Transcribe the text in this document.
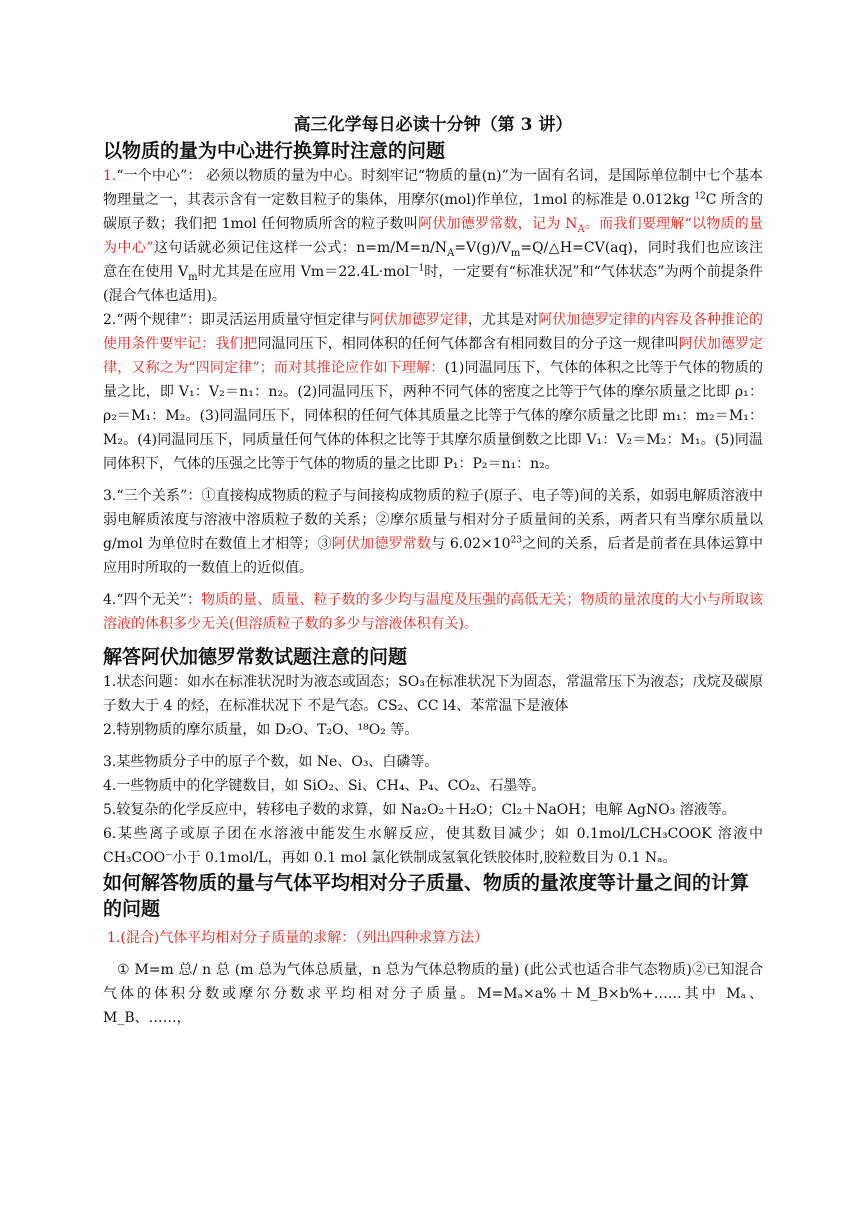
高三化学每日必读十分钟（第 3 讲）

以物质的量为中心进行换算时注意的问题

1.“一个中心”： 必须以物质的量为中心。时刻牢记“物质的量(n)”为一固有名词，是国际单位制中七个基本物理量之一，其表示含有一定数目粒子的集体，用摩尔(mol)作单位，1mol 的标准是 0.012kg $^{12}$C 所含的碳原子数；我们把 1mol 任何物质所含的粒子数叫阿伏加德罗常数，记为 $N_A$。而我们要理解“以物质的量为中心”这句话就必须记住这样一公式：$n=m/M=n/N_A=V(g)/V_m=Q/\triangle H=CV(aq)$，同时我们也应该注意在在使用 $V_m$时尤其是在应用 Vm＝22.4L·mol$^{—1}$时，一定要有“标准状况”和“气体状态”为两个前提条件(混合气体也适用)。

2.“两个规律”：即灵活运用质量守恒定律与阿伏加德罗定律，尤其是对阿伏加德罗定律的内容及各种推论的使用条件要牢记：我们把同温同压下，相同体积的任何气体都含有相同数目的分子这一规律叫阿伏加德罗定律，又称之为“四同定律”；而对其推论应作如下理解：(1)同温同压下，气体的体积之比等于气体的物质的量之比，即 V₁：V₂＝n₁：n₂。(2)同温同压下，两种不同气体的密度之比等于气体的摩尔质量之比即 ρ₁：ρ₂＝M₁：M₂。(3)同温同压下，同体积的任何气体其质量之比等于气体的摩尔质量之比即 m₁：m₂＝M₁：M₂。(4)同温同压下，同质量任何气体的体积之比等于其摩尔质量倒数之比即 V₁：V₂＝M₂：M₁。(5)同温同体积下，气体的压强之比等于气体的物质的量之比即 P₁：P₂＝n₁：n₂。

3.“三个关系”：①直接构成物质的粒子与间接构成物质的粒子(原子、电子等)间的关系，如弱电解质溶液中弱电解质浓度与溶液中溶质粒子数的关系；②摩尔质量与相对分子质量间的关系，两者只有当摩尔质量以 g/mol 为单位时在数值上才相等；③阿伏加德罗常数与 $6.02\times 10^{23}$之间的关系，后者是前者在具体运算中应用时所取的一数值上的近似值。

4.“四个无关”：物质的量、质量、粒子数的多少均与温度及压强的高低无关；物质的量浓度的大小与所取该溶液的体积多少无关(但溶质粒子数的多少与溶液体积有关)。

解答阿伏加德罗常数试题注意的问题

1.状态问题：如水在标准状况时为液态或固态；SO₃在标准状况下为固态，常温常压下为液态；戊烷及碳原子数大于 4 的烃，在标准状况下 不是气态。CS₂、CC l4、苯常温下是液体

2.特别物质的摩尔质量，如 D₂O、T₂O、¹⁸O₂ 等。

3.某些物质分子中的原子个数，如 Ne、O₃、白磷等。

4.一些物质中的化学键数目，如 SiO₂、Si、CH₄、P₄、CO₂、石墨等。

5.较复杂的化学反应中，转移电子数的求算，如 Na₂O₂＋H₂O；Cl₂＋NaOH；电解 AgNO₃ 溶液等。

6.某些离子或原子团在水溶液中能发生水解反应，使其数目减少；如 0.1mol/LCH₃COOK 溶液中 CH₃COO⁻小于 0.1mol/L，再如 0.1 mol 氯化铁制成氢氧化铁胶体时,胶粒数目为 0.1 Nₐ。

如何解答物质的量与气体平均相对分子质量、物质的量浓度等计量之间的计算的问题

1.(混合)气体平均相对分子质量的求解：（列出四种求算方法）

① M=m 总/ n 总 (m 总为气体总质量，n 总为气体总物质的量) (此公式也适合非气态物质)②已知混合气体的体积分数或摩尔分数求平均相对分子质量。M=Mₐ×a%＋M_B×b%+……其中 Mₐ、M_B、……，
